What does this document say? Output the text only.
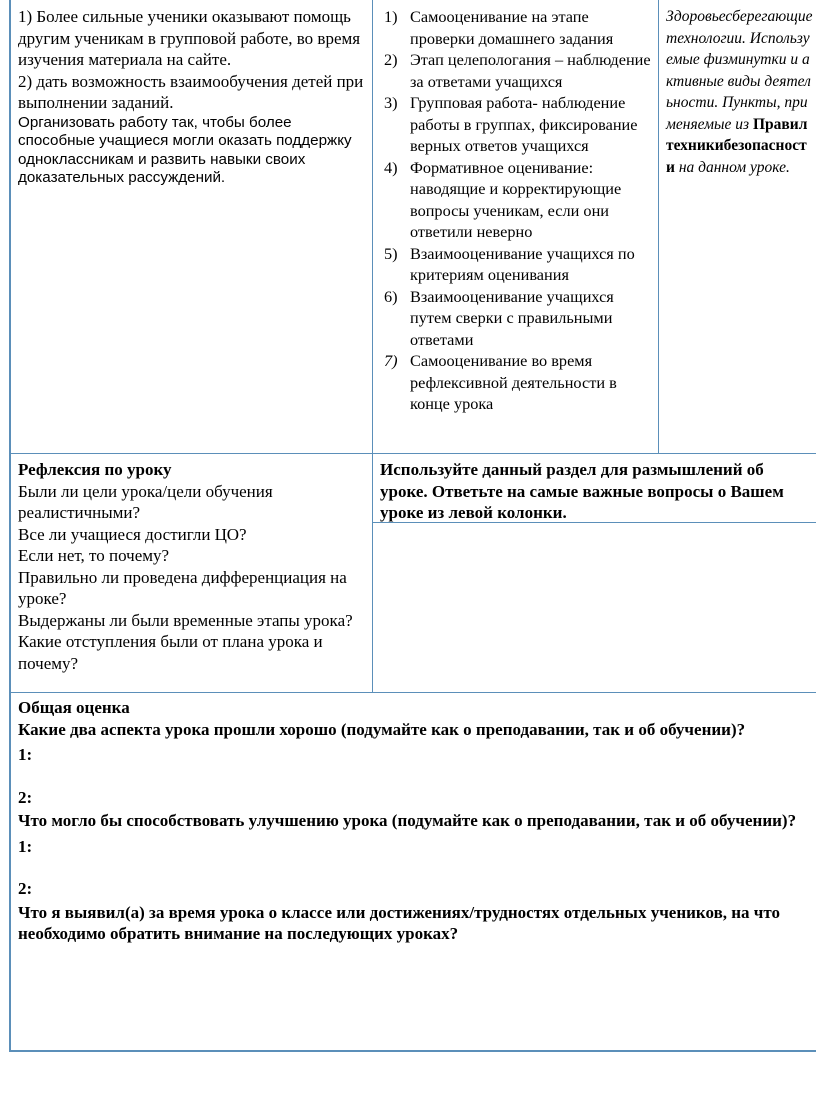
1) Более сильные ученики оказывают помощь другим ученикам в групповой работе, во время изучения материала на сайте.

2) дать возможность взаимообучения детей при выполнении заданий.

Организовать работу так, чтобы более способные учащиеся могли оказать поддержку одноклассникам и развить навыки своих доказательных рассуждений.

1) Самооценивание на этапе проверки домашнего задания
2) Этап целепологания – наблюдение за ответами учащихся
3) Групповая работа- наблюдение работы в группах, фиксирование верных ответов учащихся
4) Формативное оценивание: наводящие и корректирующие вопросы ученикам, если они ответили неверно
5) Взаимооценивание учащихся по критериям оценивания
6) Взаимооценивание учащихся путем сверки с правильными ответами
7) Самооценивание во время рефлексивной деятельности в конце урока
Здоровьесберегающие технологии. Используемые физминутки и активные виды деятельности. Пункты, применяемые из Правил техникибезопасности на данном уроке.

Рефлексия по уроку

Были ли цели урока/цели обучения реалистичными?

Все ли учащиеся достигли ЦО?

Если нет, то почему?

Правильно ли проведена дифференциация на уроке?

Выдержаны ли были временные этапы урока?

Какие отступления были от плана урока и почему?

Используйте данный раздел для размышлений об уроке. Ответьте на самые важные вопросы о Вашем уроке из левой колонки.

Общая оценка

Какие два аспекта урока прошли хорошо (подумайте как о преподавании, так и об обучении)?

1:

2:

Что могло бы способствовать улучшению урока (подумайте как о преподавании, так и об обучении)?

1:

2:

Что я выявил(а) за время урока о классе или достижениях/трудностях отдельных учеников, на что необходимо обратить внимание на последующих уроках?
